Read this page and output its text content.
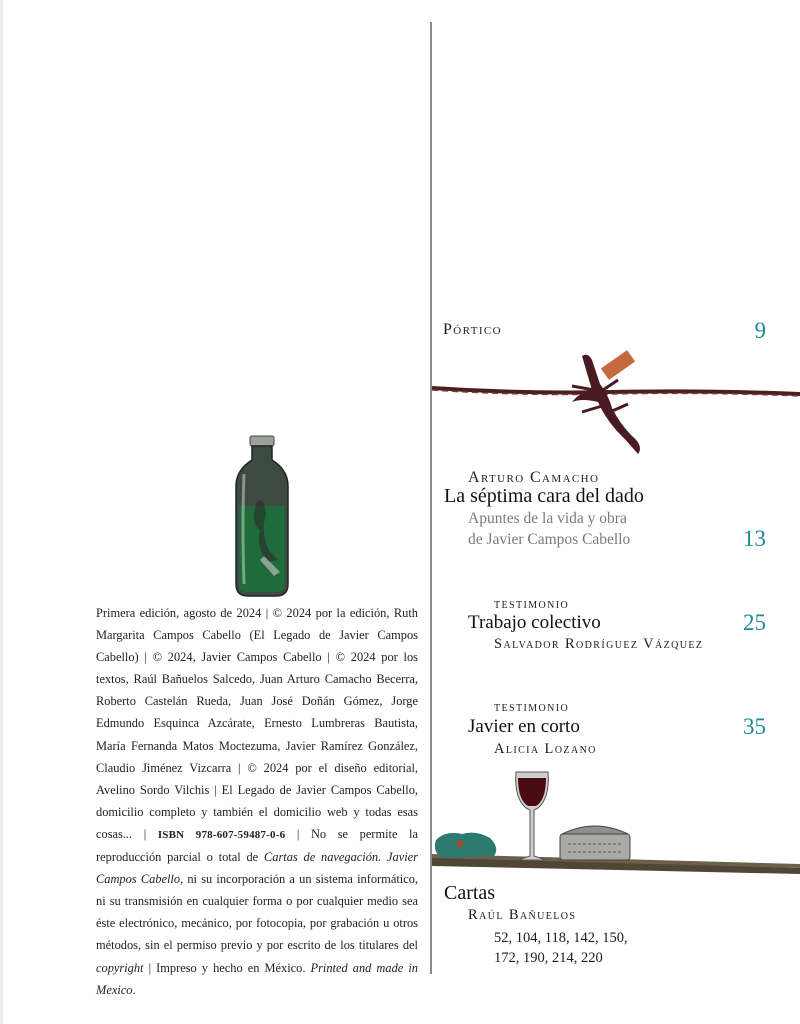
Primera edición, agosto de 2024 | © 2024 por la edición, Ruth Margarita Campos Cabello (El Legado de Javier Campos Cabello) | © 2024, Javier Campos Cabello | © 2024 por los textos, Raúl Bañuelos Salcedo, Juan Arturo Camacho Becerra, Roberto Castelán Rueda, Juan José Doñán Gómez, Jorge Edmundo Esquinca Azcárate, Ernesto Lumbreras Bautista, María Fernanda Matos Moctezuma, Javier Ramírez González, Claudio Jiménez Vizcarra | © 2024 por el diseño editorial, Avelino Sordo Vilchis | El Legado de Javier Campos Cabello, domicilio completo y también el domicilio web y todas esas cosas... | ISBN 978-607-59487-0-6 | No se permite la reproducción parcial o total de Cartas de navegación. Javier Campos Cabello, ni su incorporación a un sistema informático, ni su transmisión en cualquier forma o por cualquier medio sea éste electrónico, mecánico, por fotocopia, por grabación u otros métodos, sin el permiso previo y por escrito de los titulares del copyright | Impreso y hecho en México. Printed and made in Mexico.
Pórtico	9
Arturo Camacho
La séptima cara del dado
Apuntes de la vida y obra
de Javier Campos Cabello	13
testimonio
Trabajo colectivo
Salvador Rodríguez Vázquez
25
testimonio
Javier en corto
Alicia Lozano
35
Cartas
Raúl Bañuelos
52, 104, 118, 142, 150,
172, 190, 214, 220
